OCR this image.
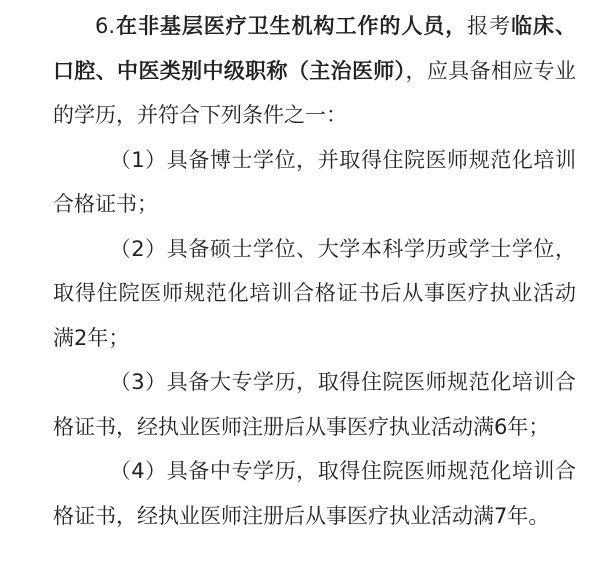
6.在非基层医疗卫生机构工作的人员，报考临床、口腔、中医类别中级职称（主治医师），应具备相应专业的学历，并符合下列条件之一：

（1）具备博士学位，并取得住院医师规范化培训合格证书；

（2）具备硕士学位、大学本科学历或学士学位，取得住院医师规范化培训合格证书后从事医疗执业活动满2年；

（3）具备大专学历，取得住院医师规范化培训合格证书，经执业医师注册后从事医疗执业活动满6年；

（4）具备中专学历，取得住院医师规范化培训合格证书，经执业医师注册后从事医疗执业活动满7年。
